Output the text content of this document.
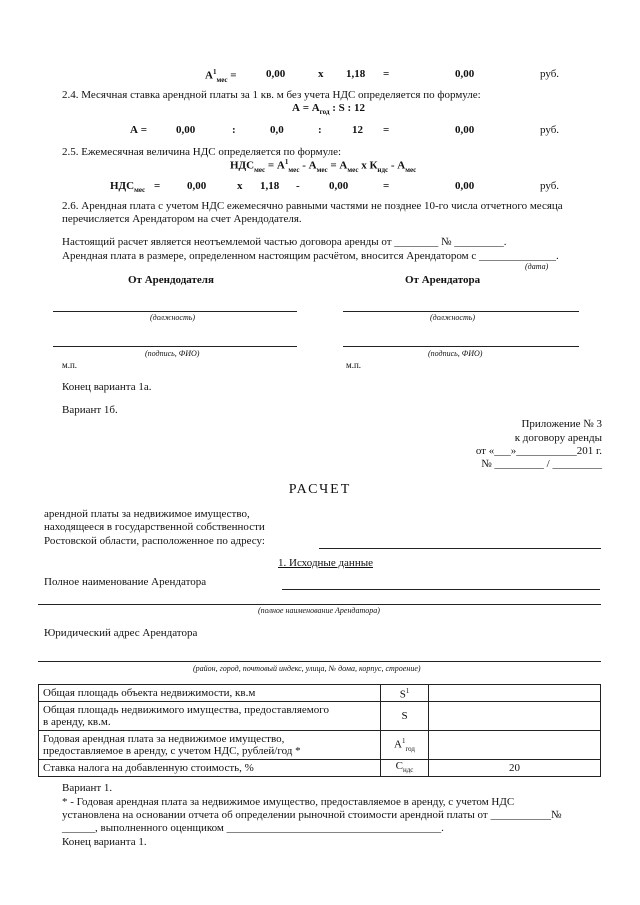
$А^1_{мес}$ =	0,00	х 1,18 =	0,00	руб.
2.4. Месячная ставка арендной платы за 1 кв. м без учета НДС определяется по формуле:
$А = А_{год}$ : S : 12
А =	0,00	:	0,0	:	12 =	0,00	руб.
2.5. Ежемесячная величина НДС определяется по формуле:
$НДС_{мес} = А^1_{мес} - А_{мес} = А_{мес}$ х $К_{ндс} - А_{мес}$
$НДС_{мес} = 0,00$	х 1,18 -	0,00	=	0,00	руб.
2.6. Арендная плата с учетом НДС ежемесячно равными частями не позднее 10-го числа отчетного месяца
перечисляется Арендатором на счет Арендодателя.
Настоящий расчет является неотъемлемой частью договора аренды от ________ № _________.
Арендная плата в размере, определенном настоящим расчётом, вносится Арендатором с ______________.
(дата)
От Арендодателя	От Арендатора
(должность)	(должность)
(подпись, ФИО)	(подпись, ФИО)
м.п.	м.п.
Конец варианта 1а.
Вариант 1б.
Приложение № 3
к договору аренды
от «___»___________201 г.
№ _________ / _________
РАСЧЕТ
арендной платы за недвижимое имущество,
находящееся в государственной собственности
Ростовской области, расположенное по адресу:
1. Исходные данные
Полное наименование Арендатора
(полное наименование Арендатора)
Юридический адрес Арендатора
(район, город, почтовый индекс, улица, № дома, корпус, строение)
Общая площадь объекта недвижимости, кв.м	$S^1$	
Общая площадь недвижимого имущества, предоставляемого
в аренду, кв.м.	S	
Годовая арендная плата за недвижимое имущество,
предоставляемое в аренду, с учетом НДС, рублей/год *	$А^1_{год}$	
Ставка налога на добавленную стоимость, %	$С_{ндс}$	20
Вариант 1.
* - Годовая арендная плата за недвижимое имущество, предоставляемое в аренду, с учетом НДС
установлена на основании отчета об определении рыночной стоимости арендной платы от ___________№
______, выполненного оценщиком _______________________________________.
Конец варианта 1.
